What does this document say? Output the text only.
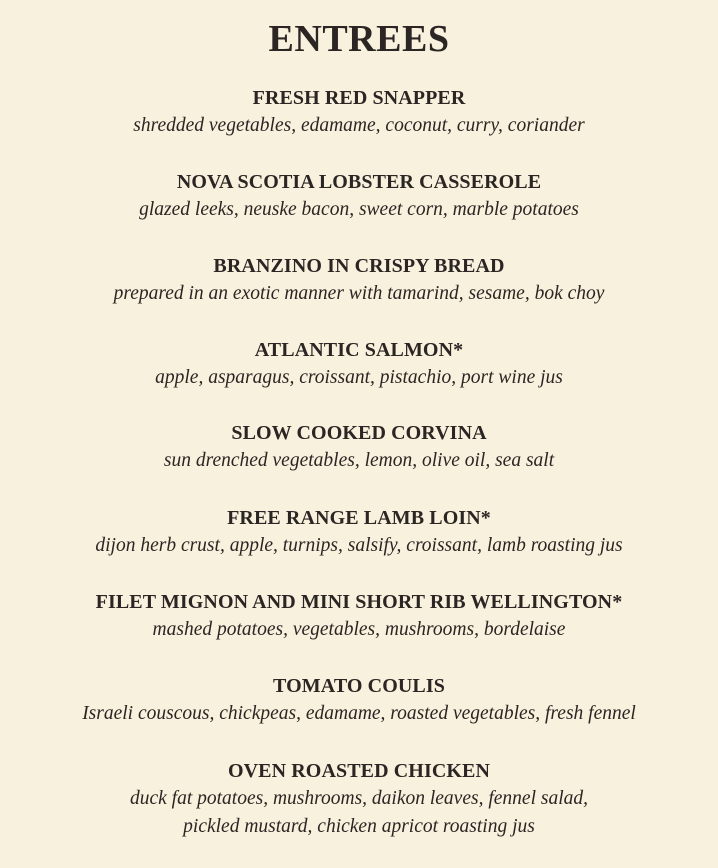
ENTREES
FRESH RED SNAPPER
shredded vegetables, edamame, coconut, curry, coriander
NOVA SCOTIA LOBSTER CASSEROLE
glazed leeks, neuske bacon, sweet corn, marble potatoes
BRANZINO IN CRISPY BREAD
prepared in an exotic manner with tamarind, sesame, bok choy
ATLANTIC SALMON*
apple, asparagus, croissant, pistachio, port wine jus
SLOW COOKED CORVINA
sun drenched vegetables, lemon, olive oil, sea salt
FREE RANGE LAMB LOIN*
dijon herb crust, apple, turnips, salsify, croissant, lamb roasting jus
FILET MIGNON AND MINI SHORT RIB WELLINGTON*
mashed potatoes, vegetables, mushrooms, bordelaise
TOMATO COULIS
Israeli couscous, chickpeas, edamame, roasted vegetables, fresh fennel
OVEN ROASTED CHICKEN
duck fat potatoes, mushrooms, daikon leaves, fennel salad,
pickled mustard, chicken apricot roasting jus
